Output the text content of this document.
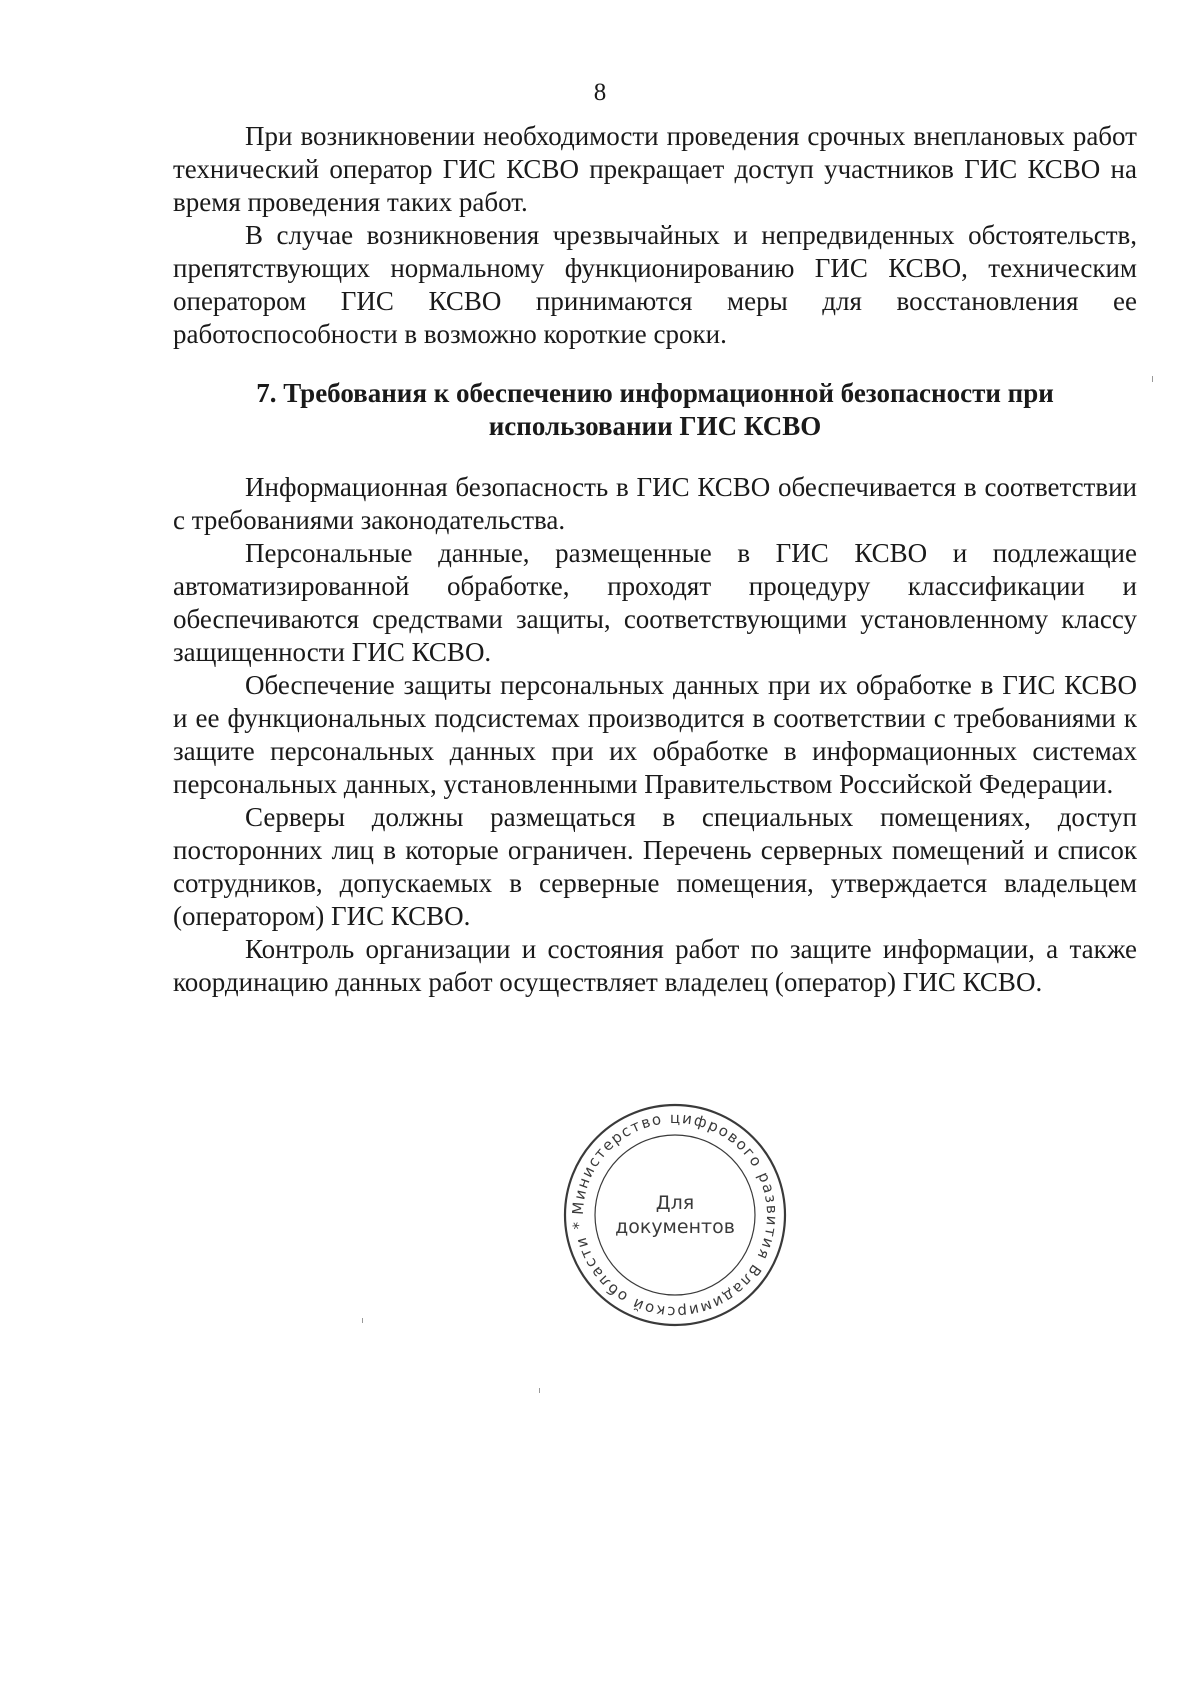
8

При возникновении необходимости проведения срочных внеплановых работ технический оператор ГИС КСВО прекращает доступ участников ГИС КСВО на время проведения таких работ.

В случае возникновения чрезвычайных и непредвиденных обстоятельств, препятствующих нормальному функционированию ГИС КСВО, техническим оператором ГИС КСВО принимаются меры для восстановления ее работоспособности в возможно короткие сроки.

7. Требования к обеспечению информационной безопасности при
использовании ГИС КСВО

Информационная безопасность в ГИС КСВО обеспечивается в соответствии с требованиями законодательства.

Персональные данные, размещенные в ГИС КСВО и подлежащие автоматизированной обработке, проходят процедуру классификации и обеспечиваются средствами защиты, соответствующими установленному классу защищенности ГИС КСВО.

Обеспечение защиты персональных данных при их обработке в ГИС КСВО и ее функциональных подсистемах производится в соответствии с требованиями к защите персональных данных при их обработке в информационных системах персональных данных, установленными Правительством Российской Федерации.

Серверы должны размещаться в специальных помещениях, доступ посторонних лиц в которые ограничен. Перечень серверных помещений и список сотрудников, допускаемых в серверные помещения, утверждается владельцем (оператором) ГИС КСВО.

Контроль организации и состояния работ по защите информации, а также координацию данных работ осуществляет владелец (оператор) ГИС КСВО.

Министерство цифрового развития Владимирской области *
Для
документов
